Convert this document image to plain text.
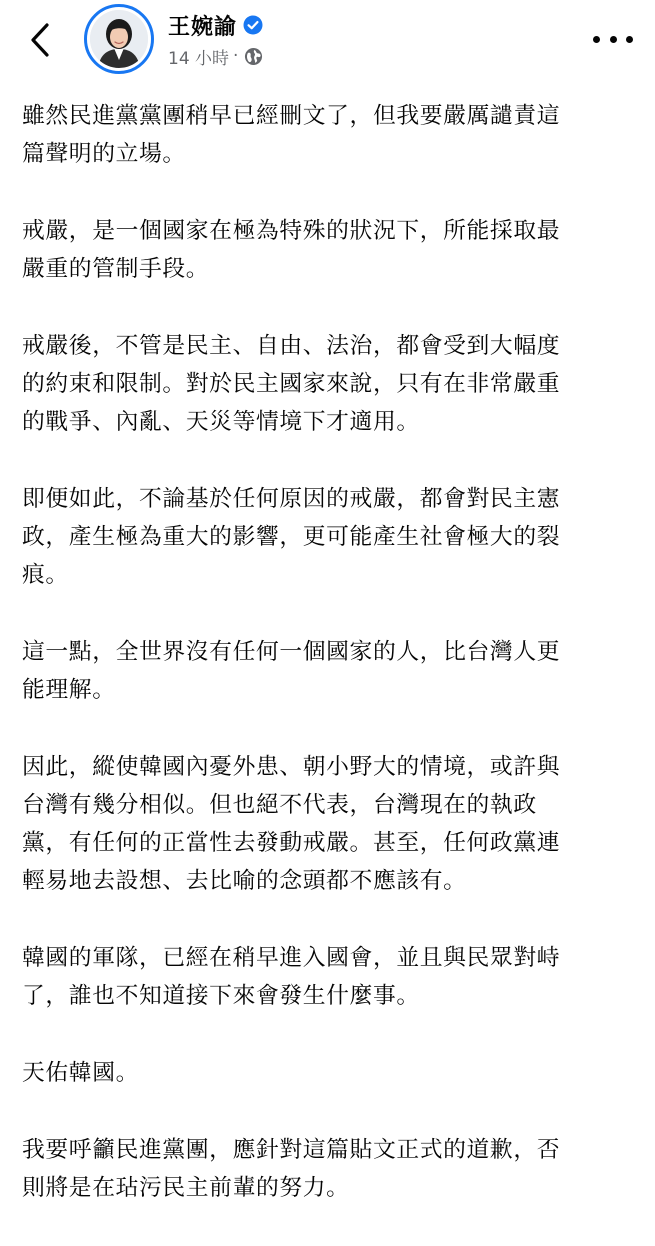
王婉諭
14 小時 ·

雖然民進黨黨團稍早已經刪文了，但我要嚴厲譴責這
篇聲明的立場。

戒嚴，是一個國家在極為特殊的狀況下，所能採取最
嚴重的管制手段。

戒嚴後，不管是民主、自由、法治，都會受到大幅度
的約束和限制。對於民主國家來說，只有在非常嚴重
的戰爭、內亂、天災等情境下才適用。

即便如此，不論基於任何原因的戒嚴，都會對民主憲
政，產生極為重大的影響，更可能產生社會極大的裂
痕。

這一點，全世界沒有任何一個國家的人，比台灣人更
能理解。

因此，縱使韓國內憂外患、朝小野大的情境，或許與
台灣有幾分相似。但也絕不代表，台灣現在的執政
黨，有任何的正當性去發動戒嚴。甚至，任何政黨連
輕易地去設想、去比喻的念頭都不應該有。

韓國的軍隊，已經在稍早進入國會，並且與民眾對峙
了，誰也不知道接下來會發生什麼事。

天佑韓國。

我要呼籲民進黨團，應針對這篇貼文正式的道歉，否
則將是在玷污民主前輩的努力。
